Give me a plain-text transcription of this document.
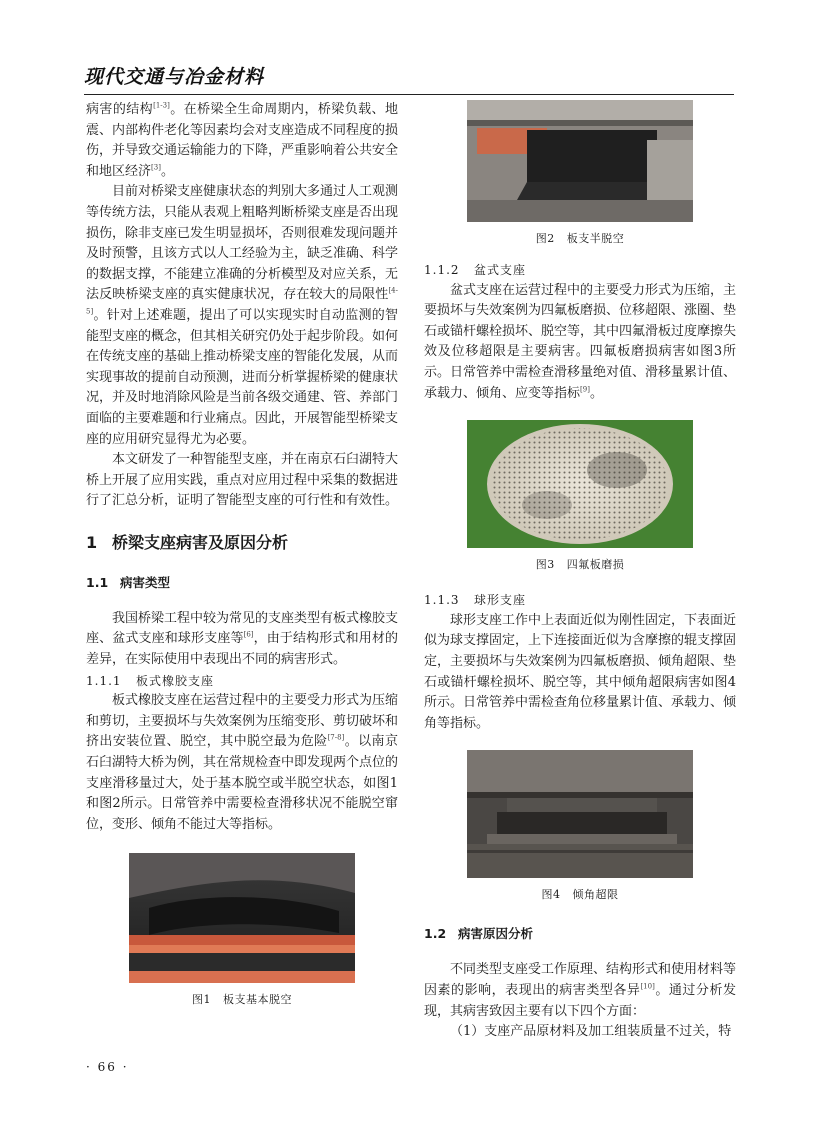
现代交通与冶金材料

病害的结构[1-3]。在桥梁全生命周期内，桥梁负载、地震、内部构件老化等因素均会对支座造成不同程度的损伤，并导致交通运输能力的下降，严重影响着公共安全和地区经济[3]。

目前对桥梁支座健康状态的判别大多通过人工观测等传统方法，只能从表观上粗略判断桥梁支座是否出现损伤，除非支座已发生明显损坏，否则很难发现问题并及时预警，且该方式以人工经验为主，缺乏准确、科学的数据支撑，不能建立准确的分析模型及对应关系，无法反映桥梁支座的真实健康状况，存在较大的局限性[4-5]。针对上述难题，提出了可以实现实时自动监测的智能型支座的概念，但其相关研究仍处于起步阶段。如何在传统支座的基础上推动桥梁支座的智能化发展，从而实现事故的提前自动预测，进而分析掌握桥梁的健康状况，并及时地消除风险是当前各级交通建、管、养部门面临的主要难题和行业痛点。因此，开展智能型桥梁支座的应用研究显得尤为必要。

本文研发了一种智能型支座，并在南京石臼湖特大桥上开展了应用实践，重点对应用过程中采集的数据进行了汇总分析，证明了智能型支座的可行性和有效性。

1 桥梁支座病害及原因分析
1.1 病害类型

我国桥梁工程中较为常见的支座类型有板式橡胶支座、盆式支座和球形支座等[6]，由于结构形式和用材的差异，在实际使用中表现出不同的病害形式。

1.1.1 板式橡胶支座

板式橡胶支座在运营过程中的主要受力形式为压缩和剪切，主要损坏与失效案例为压缩变形、剪切破坏和挤出安装位置、脱空，其中脱空最为危险[7-8]。以南京石臼湖特大桥为例，其在常规检查中即发现两个点位的支座滑移量过大，处于基本脱空或半脱空状态，如图1和图2所示。日常管养中需要检查滑移状况不能脱空窜位，变形、倾角不能过大等指标。

图1 板支基本脱空
图2 板支半脱空
1.1.2 盆式支座

盆式支座在运营过程中的主要受力形式为压缩，主要损坏与失效案例为四氟板磨损、位移超限、涨圈、垫石或锚杆螺栓损坏、脱空等，其中四氟滑板过度摩擦失效及位移超限是主要病害。四氟板磨损病害如图3所示。日常管养中需检查滑移量绝对值、滑移量累计值、承载力、倾角、应变等指标[9]。

图3 四氟板磨损
1.1.3 球形支座

球形支座工作中上表面近似为刚性固定，下表面近似为球支撑固定，上下连接面近似为含摩擦的辊支撑固定，主要损坏与失效案例为四氟板磨损、倾角超限、垫石或锚杆螺栓损坏、脱空等，其中倾角超限病害如图4所示。日常管养中需检查角位移量累计值、承载力、倾角等指标。

图4 倾角超限
1.2 病害原因分析

不同类型支座受工作原理、结构形式和使用材料等因素的影响，表现出的病害类型各异[10]。通过分析发现，其病害致因主要有以下四个方面：

（1）支座产品原材料及加工组装质量不过关，特

· 66 ·
